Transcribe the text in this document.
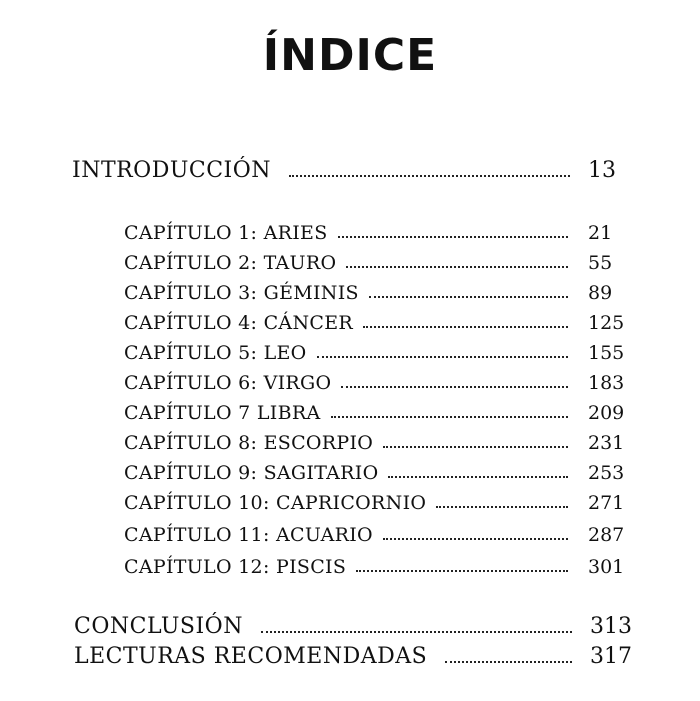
ÍNDICE
INTRODUCCIÓN	13
CAPÍTULO 1: ARIES	21
CAPÍTULO 2: TAURO	55
CAPÍTULO 3: GÉMINIS	89
CAPÍTULO 4: CÁNCER	125
CAPÍTULO 5: LEO	155
CAPÍTULO 6: VIRGO	183
CAPÍTULO 7 LIBRA	209
CAPÍTULO 8: ESCORPIO	231
CAPÍTULO 9: SAGITARIO	253
CAPÍTULO 10: CAPRICORNIO	271
CAPÍTULO 11: ACUARIO	287
CAPÍTULO 12: PISCIS	301
CONCLUSIÓN	313
LECTURAS RECOMENDADAS	317
